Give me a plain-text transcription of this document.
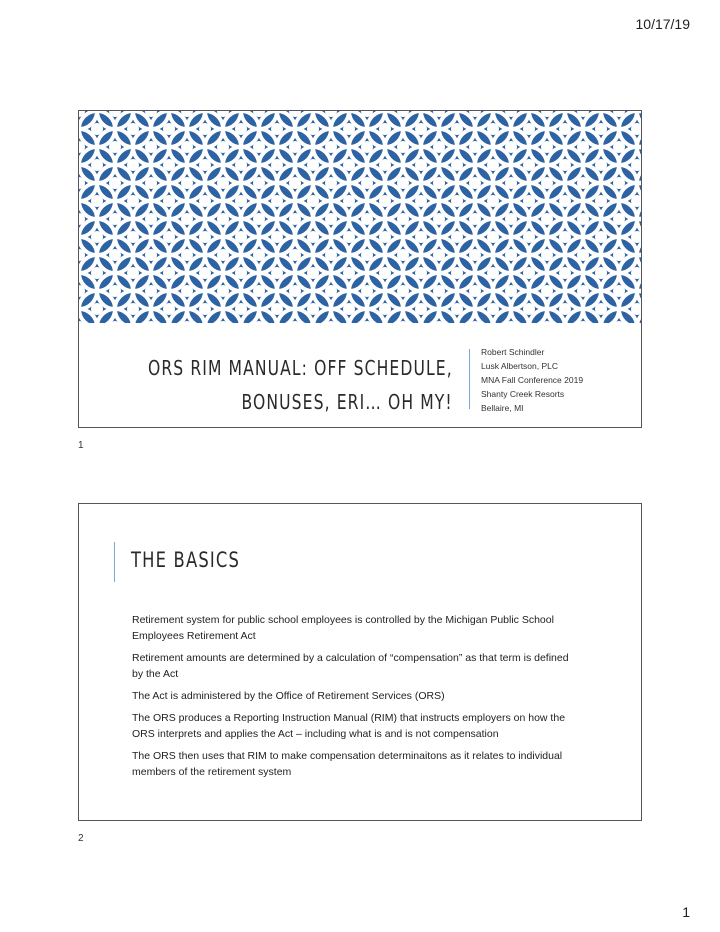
10/17/19
ORS RIM MANUAL: OFF SCHEDULE,
BONUSES, ERI… OH MY!
Robert Schindler
Lusk Albertson, PLC
MNA Fall Conference 2019
Shanty Creek Resorts
Bellaire, MI
1
THE BASICS

Retirement system for public school employees is controlled by the Michigan Public School Employees Retirement Act

Retirement amounts are determined by a calculation of “compensation” as that term is defined by the Act

The Act is administered by the Office of Retirement Services (ORS)

The ORS produces a Reporting Instruction Manual (RIM) that instructs employers on how the ORS interprets and applies the Act – including what is and is not compensation

The ORS then uses that RIM to make compensation determinaitons as it relates to individual members of the retirement system

2
1
